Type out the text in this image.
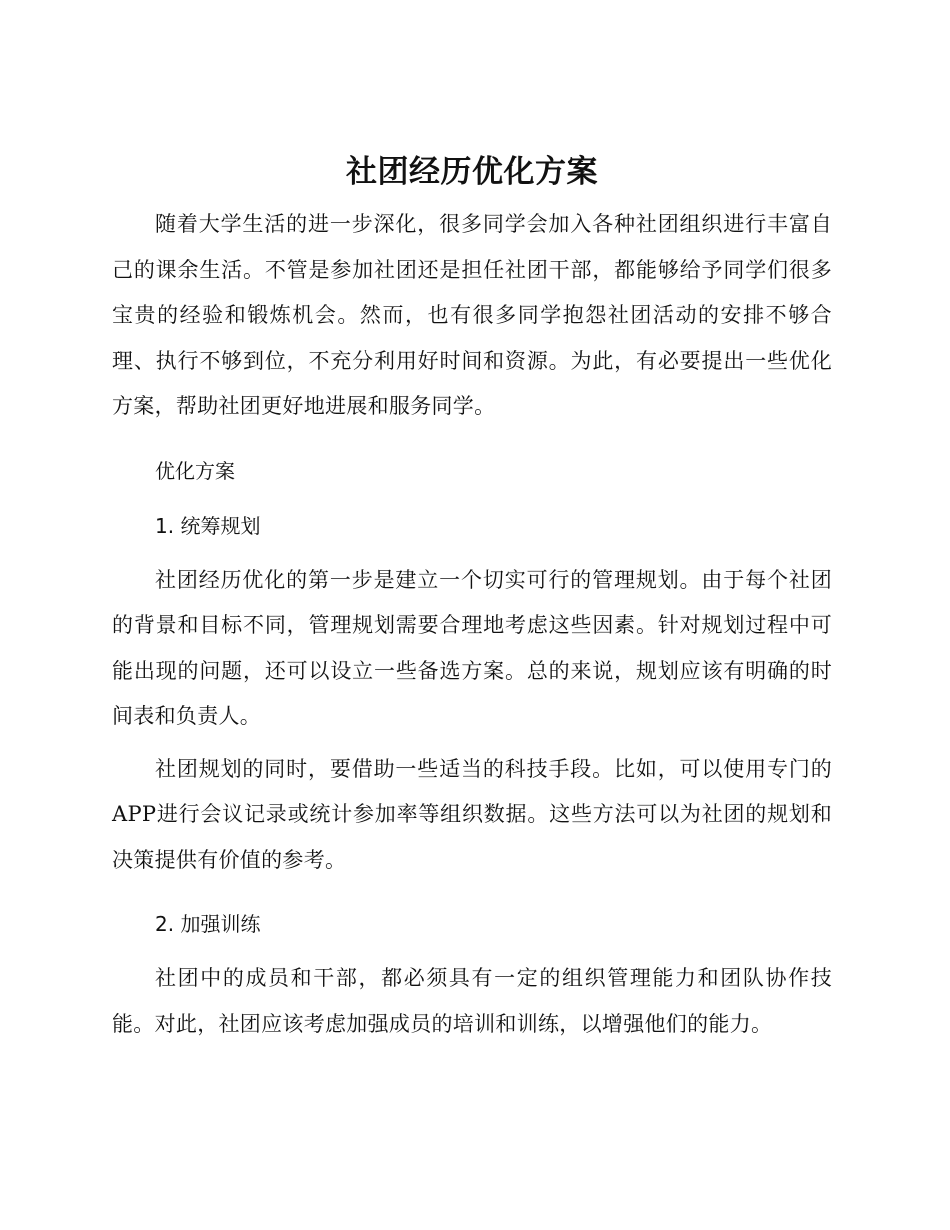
社团经历优化方案

随着大学生活的进一步深化，很多同学会加入各种社团组织进行丰富自己的课余生活。不管是参加社团还是担任社团干部，都能够给予同学们很多宝贵的经验和锻炼机会。然而，也有很多同学抱怨社团活动的安排不够合理、执行不够到位，不充分利用好时间和资源。为此，有必要提出一些优化方案，帮助社团更好地进展和服务同学。

优化方案
1. 统筹规划

社团经历优化的第一步是建立一个切实可行的管理规划。由于每个社团的背景和目标不同，管理规划需要合理地考虑这些因素。针对规划过程中可能出现的问题，还可以设立一些备选方案。总的来说，规划应该有明确的时间表和负责人。

社团规划的同时，要借助一些适当的科技手段。比如，可以使用专门的APP进行会议记录或统计参加率等组织数据。这些方法可以为社团的规划和决策提供有价值的参考。

2. 加强训练

社团中的成员和干部，都必须具有一定的组织管理能力和团队协作技能。对此，社团应该考虑加强成员的培训和训练，以增强他们的能力。
